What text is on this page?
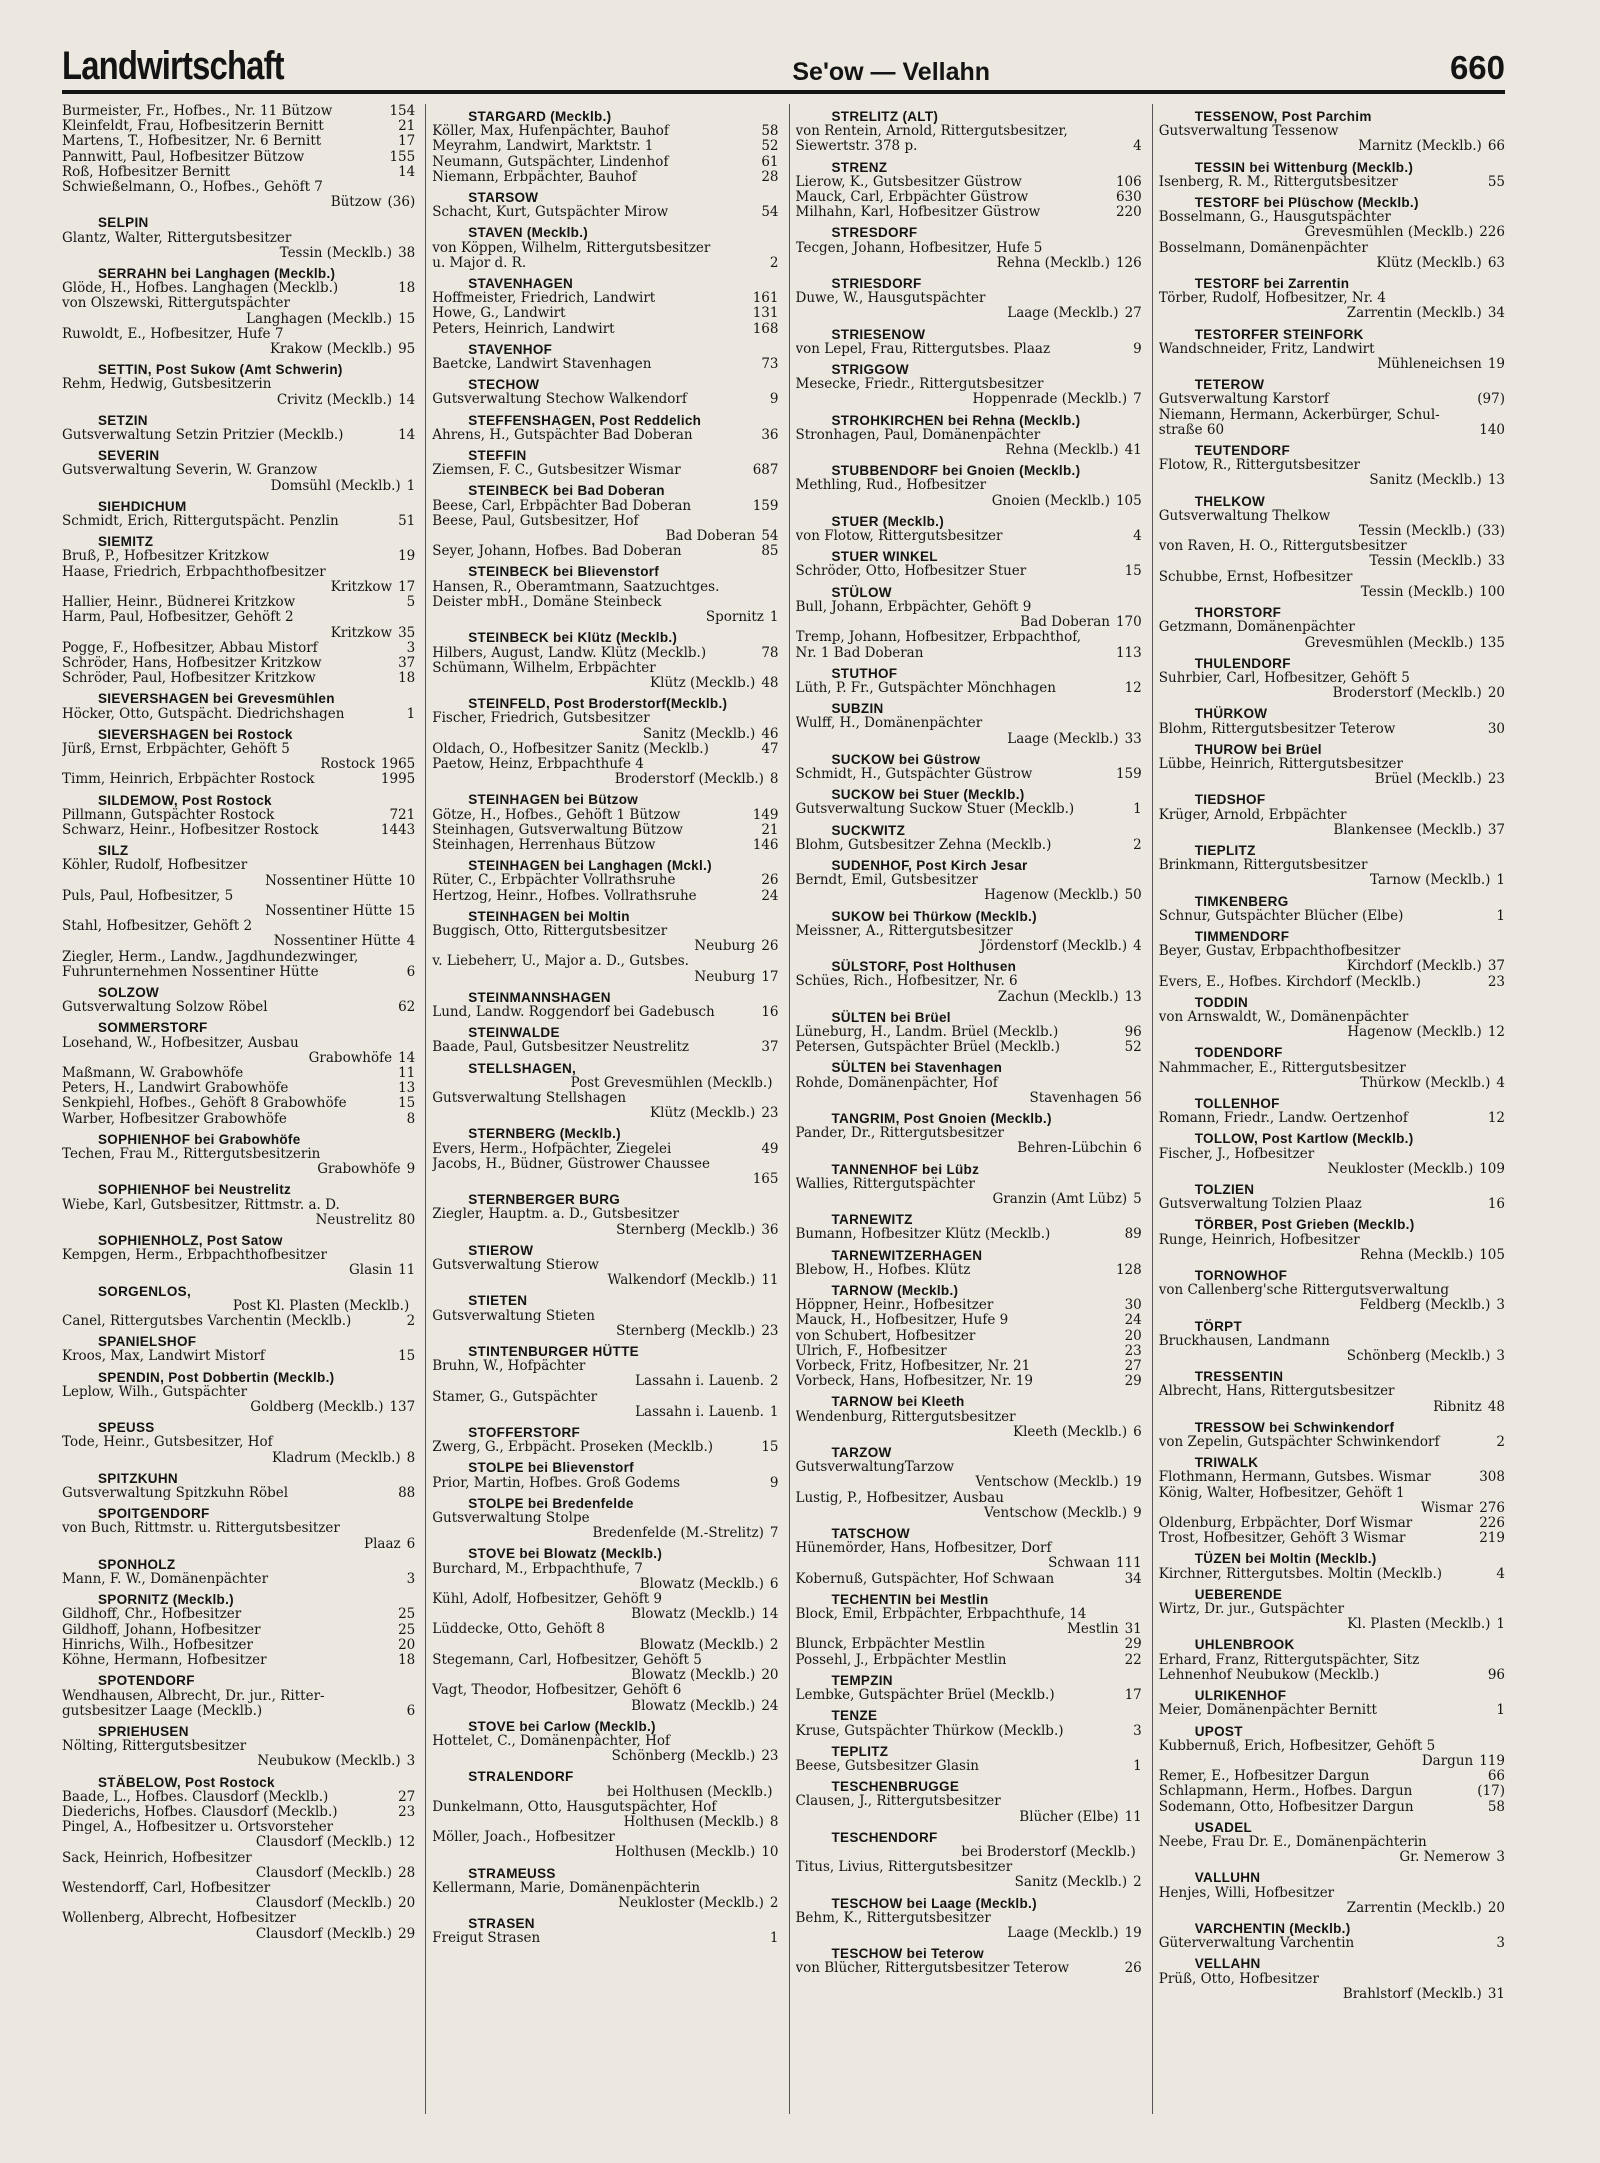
Landwirtschaft	Se'ow — Vellahn	660
Burmeister, Fr., Hofbes., Nr. 11 Bützow	154
Kleinfeldt, Frau, Hofbesitzerin Bernitt	21
Martens, T., Hofbesitzer, Nr. 6 Bernitt	17
Pannwitt, Paul, Hofbesitzer Bützow	155
Roß, Hofbesitzer Bernitt	14
Schwießelmann, O., Hofbes., Gehöft 7
Bützow (36)
SELPIN
Glantz, Walter, Rittergutsbesitzer
Tessin (Mecklb.) 38
SERRAHN bei Langhagen (Mecklb.)
Glöde, H., Hofbes. Langhagen (Mecklb.)	18
von Olszewski, Rittergutspächter
Langhagen (Mecklb.) 15
Ruwoldt, E., Hofbesitzer, Hufe 7
Krakow (Mecklb.) 95
SETTIN, Post Sukow (Amt Schwerin)
Rehm, Hedwig, Gutsbesitzerin
Crivitz (Mecklb.) 14
SETZIN
Gutsverwaltung Setzin Pritzier (Mecklb.)	14
SEVERIN
Gutsverwaltung Severin, W. Granzow
Domsühl (Mecklb.) 1
SIEHDICHUM
Schmidt, Erich, Rittergutspächt. Penzlin	51
SIEMITZ
Bruß, P., Hofbesitzer Kritzkow	19
Haase, Friedrich, Erbpachthofbesitzer
Kritzkow 17
Hallier, Heinr., Büdnerei Kritzkow	5
Harm, Paul, Hofbesitzer, Gehöft 2
Kritzkow 35
Pogge, F., Hofbesitzer, Abbau Mistorf	3
Schröder, Hans, Hofbesitzer Kritzkow	37
Schröder, Paul, Hofbesitzer Kritzkow	18
SIEVERSHAGEN bei Grevesmühlen
Höcker, Otto, Gutspächt. Diedrichshagen	1
SIEVERSHAGEN bei Rostock
Jürß, Ernst, Erbpächter, Gehöft 5
Rostock 1965
Timm, Heinrich, Erbpächter Rostock	1995
SILDEMOW, Post Rostock
Pillmann, Gutspächter Rostock	721
Schwarz, Heinr., Hofbesitzer Rostock	1443
SILZ
Köhler, Rudolf, Hofbesitzer
Nossentiner Hütte 10
Puls, Paul, Hofbesitzer, 5
Nossentiner Hütte 15
Stahl, Hofbesitzer, Gehöft 2
Nossentiner Hütte 4
Ziegler, Herm., Landw., Jagdhundezwinger,
Fuhrunternehmen Nossentiner Hütte	6
SOLZOW
Gutsverwaltung Solzow Röbel	62
SOMMERSTORF
Losehand, W., Hofbesitzer, Ausbau
Grabowhöfe 14
Maßmann, W. Grabowhöfe	11
Peters, H., Landwirt Grabowhöfe	13
Senkpiehl, Hofbes., Gehöft 8 Grabowhöfe	15
Warber, Hofbesitzer Grabowhöfe	8
SOPHIENHOF bei Grabowhöfe
Techen, Frau M., Rittergutsbesitzerin
Grabowhöfe 9
SOPHIENHOF bei Neustrelitz
Wiebe, Karl, Gutsbesitzer, Rittmstr. a. D.
Neustrelitz 80
SOPHIENHOLZ, Post Satow
Kempgen, Herm., Erbpachthofbesitzer
Glasin 11
SORGENLOS,
Post Kl. Plasten (Mecklb.)
Canel, Rittergutsbes Varchentin (Mecklb.)	2
SPANIELSHOF
Kroos, Max, Landwirt Mistorf	15
SPENDIN, Post Dobbertin (Mecklb.)
Leplow, Wilh., Gutspächter
Goldberg (Mecklb.) 137
SPEUSS
Tode, Heinr., Gutsbesitzer, Hof
Kladrum (Mecklb.) 8
SPITZKUHN
Gutsverwaltung Spitzkuhn Röbel	88
SPOITGENDORF
von Buch, Rittmstr. u. Rittergutsbesitzer
Plaaz 6
SPONHOLZ
Mann, F. W., Domänenpächter	3
SPORNITZ (Mecklb.)
Gildhoff, Chr., Hofbesitzer	25
Gildhoff, Johann, Hofbesitzer	25
Hinrichs, Wilh., Hofbesitzer	20
Köhne, Hermann, Hofbesitzer	18
SPOTENDORF
Wendhausen, Albrecht, Dr. jur., Ritter-
gutsbesitzer Laage (Mecklb.)	6
SPRIEHUSEN
Nölting, Rittergutsbesitzer
Neubukow (Mecklb.) 3
STÄBELOW, Post Rostock
Baade, L., Hofbes. Clausdorf (Mecklb.)	27
Diederichs, Hofbes. Clausdorf (Mecklb.)	23
Pingel, A., Hofbesitzer u. Ortsvorsteher
Clausdorf (Mecklb.) 12
Sack, Heinrich, Hofbesitzer
Clausdorf (Mecklb.) 28
Westendorff, Carl, Hofbesitzer
Clausdorf (Mecklb.) 20
Wollenberg, Albrecht, Hofbesitzer
Clausdorf (Mecklb.) 29
STARGARD (Mecklb.)
Köller, Max, Hufenpächter, Bauhof	58
Meyrahm, Landwirt, Marktstr. 1	52
Neumann, Gutspächter, Lindenhof	61
Niemann, Erbpächter, Bauhof	28
STARSOW
Schacht, Kurt, Gutspächter Mirow	54
STAVEN (Mecklb.)
von Köppen, Wilhelm, Rittergutsbesitzer
u. Major d. R.	2
STAVENHAGEN
Hoffmeister, Friedrich, Landwirt	161
Howe, G., Landwirt	131
Peters, Heinrich, Landwirt	168
STAVENHOF
Baetcke, Landwirt Stavenhagen	73
STECHOW
Gutsverwaltung Stechow Walkendorf	9
STEFFENSHAGEN, Post Reddelich
Ahrens, H., Gutspächter Bad Doberan	36
STEFFIN
Ziemsen, F. C., Gutsbesitzer Wismar	687
STEINBECK bei Bad Doberan
Beese, Carl, Erbpächter Bad Doberan	159
Beese, Paul, Gutsbesitzer, Hof
Bad Doberan 54
Seyer, Johann, Hofbes. Bad Doberan	85
STEINBECK bei Blievenstorf
Hansen, R., Oberamtmann, Saatzuchtges.
Deister mbH., Domäne Steinbeck
Spornitz 1
STEINBECK bei Klütz (Mecklb.)
Hilbers, August, Landw. Klütz (Mecklb.)	78
Schümann, Wilhelm, Erbpächter
Klütz (Mecklb.) 48
STEINFELD, Post Broderstorf(Mecklb.)
Fischer, Friedrich, Gutsbesitzer
Sanitz (Mecklb.) 46
Oldach, O., Hofbesitzer Sanitz (Mecklb.)	47
Paetow, Heinz, Erbpachthufe 4
Broderstorf (Mecklb.) 8
STEINHAGEN bei Bützow
Götze, H., Hofbes., Gehöft 1 Bützow	149
Steinhagen, Gutsverwaltung Bützow	21
Steinhagen, Herrenhaus Bützow	146
STEINHAGEN bei Langhagen (Mckl.)
Rüter, C., Erbpächter Vollrathsruhe	26
Hertzog, Heinr., Hofbes. Vollrathsruhe	24
STEINHAGEN bei Moltin
Buggisch, Otto, Rittergutsbesitzer
Neuburg 26
v. Liebeherr, U., Major a. D., Gutsbes.
Neuburg 17
STEINMANNSHAGEN
Lund, Landw. Roggendorf bei Gadebusch	16
STEINWALDE
Baade, Paul, Gutsbesitzer Neustrelitz	37
STELLSHAGEN,
Post Grevesmühlen (Mecklb.)
Gutsverwaltung Stellshagen
Klütz (Mecklb.) 23
STERNBERG (Mecklb.)
Evers, Herm., Hofpächter, Ziegelei	49
Jacobs, H., Büdner, Güstrower Chaussee
165
STERNBERGER BURG
Ziegler, Hauptm. a. D., Gutsbesitzer
Sternberg (Mecklb.) 36
STIEROW
Gutsverwaltung Stierow
Walkendorf (Mecklb.) 11
STIETEN
Gutsverwaltung Stieten
Sternberg (Mecklb.) 23
STINTENBURGER HÜTTE
Bruhn, W., Hofpächter
Lassahn i. Lauenb. 2
Stamer, G., Gutspächter
Lassahn i. Lauenb. 1
STOFFERSTORF
Zwerg, G., Erbpächt. Proseken (Mecklb.)	15
STOLPE bei Blievenstorf
Prior, Martin, Hofbes. Groß Godems	9
STOLPE bei Bredenfelde
Gutsverwaltung Stolpe
Bredenfelde (M.-Strelitz) 7
STOVE bei Blowatz (Mecklb.)
Burchard, M., Erbpachthufe, 7
Blowatz (Mecklb.) 6
Kühl, Adolf, Hofbesitzer, Gehöft 9
Blowatz (Mecklb.) 14
Lüddecke, Otto, Gehöft 8
Blowatz (Mecklb.) 2
Stegemann, Carl, Hofbesitzer, Gehöft 5
Blowatz (Mecklb.) 20
Vagt, Theodor, Hofbesitzer, Gehöft 6
Blowatz (Mecklb.) 24
STOVE bei Carlow (Mecklb.)
Hottelet, C., Domänenpächter, Hof
Schönberg (Mecklb.) 23
STRALENDORF
bei Holthusen (Mecklb.)
Dunkelmann, Otto, Hausgutspächter, Hof
Holthusen (Mecklb.) 8
Möller, Joach., Hofbesitzer
Holthusen (Mecklb.) 10
STRAMEUSS
Kellermann, Marie, Domänenpächterin
Neukloster (Mecklb.) 2
STRASEN
Freigut Strasen	1
STRELITZ (ALT)
von Rentein, Arnold, Rittergutsbesitzer,
Siewertstr. 378 p.	4
STRENZ
Lierow, K., Gutsbesitzer Güstrow	106
Mauck, Carl, Erbpächter Güstrow	630
Milhahn, Karl, Hofbesitzer Güstrow	220
STRESDORF
Tecgen, Johann, Hofbesitzer, Hufe 5
Rehna (Mecklb.) 126
STRIESDORF
Duwe, W., Hausgutspächter
Laage (Mecklb.) 27
STRIESENOW
von Lepel, Frau, Rittergutsbes. Plaaz	9
STRIGGOW
Mesecke, Friedr., Rittergutsbesitzer
Hoppenrade (Mecklb.) 7
STROHKIRCHEN bei Rehna (Mecklb.)
Stronhagen, Paul, Domänenpächter
Rehna (Mecklb.) 41
STUBBENDORF bei Gnoien (Mecklb.)
Methling, Rud., Hofbesitzer
Gnoien (Mecklb.) 105
STUER (Mecklb.)
von Flotow, Rittergutsbesitzer	4
STUER WINKEL
Schröder, Otto, Hofbesitzer Stuer	15
STÜLOW
Bull, Johann, Erbpächter, Gehöft 9
Bad Doberan 170
Tremp, Johann, Hofbesitzer, Erbpachthof,
Nr. 1 Bad Doberan	113
STUTHOF
Lüth, P. Fr., Gutspächter Mönchhagen	12
SUBZIN
Wulff, H., Domänenpächter
Laage (Mecklb.) 33
SUCKOW bei Güstrow
Schmidt, H., Gutspächter Güstrow	159
SUCKOW bei Stuer (Mecklb.)
Gutsverwaltung Suckow Stuer (Mecklb.)	1
SUCKWITZ
Blohm, Gutsbesitzer Zehna (Mecklb.)	2
SUDENHOF, Post Kirch Jesar
Berndt, Emil, Gutsbesitzer
Hagenow (Mecklb.) 50
SUKOW bei Thürkow (Mecklb.)
Meissner, A., Rittergutsbesitzer
Jördenstorf (Mecklb.) 4
SÜLSTORF, Post Holthusen
Schües, Rich., Hofbesitzer, Nr. 6
Zachun (Mecklb.) 13
SÜLTEN bei Brüel
Lüneburg, H., Landm. Brüel (Mecklb.)	96
Petersen, Gutspächter Brüel (Mecklb.)	52
SÜLTEN bei Stavenhagen
Rohde, Domänenpächter, Hof
Stavenhagen 56
TANGRIM, Post Gnoien (Mecklb.)
Pander, Dr., Rittergutsbesitzer
Behren-Lübchin 6
TANNENHOF bei Lübz
Wallies, Rittergutspächter
Granzin (Amt Lübz) 5
TARNEWITZ
Bumann, Hofbesitzer Klütz (Mecklb.)	89
TARNEWITZERHAGEN
Blebow, H., Hofbes. Klütz	128
TARNOW (Mecklb.)
Höppner, Heinr., Hofbesitzer	30
Mauck, H., Hofbesitzer, Hufe 9	24
von Schubert, Hofbesitzer	20
Ulrich, F., Hofbesitzer	23
Vorbeck, Fritz, Hofbesitzer, Nr. 21	27
Vorbeck, Hans, Hofbesitzer, Nr. 19	29
TARNOW bei Kleeth
Wendenburg, Rittergutsbesitzer
Kleeth (Mecklb.) 6
TARZOW
GutsverwaltungTarzow
Ventschow (Mecklb.) 19
Lustig, P., Hofbesitzer, Ausbau
Ventschow (Mecklb.) 9
TATSCHOW
Hünemörder, Hans, Hofbesitzer, Dorf
Schwaan 111
Kobernuß, Gutspächter, Hof Schwaan	34
TECHENTIN bei Mestlin
Block, Emil, Erbpächter, Erbpachthufe, 14
Mestlin 31
Blunck, Erbpächter Mestlin	29
Possehl, J., Erbpächter Mestlin	22
TEMPZIN
Lembke, Gutspächter Brüel (Mecklb.)	17
TENZE
Kruse, Gutspächter Thürkow (Mecklb.)	3
TEPLITZ
Beese, Gutsbesitzer Glasin	1
TESCHENBRUGGE
Clausen, J., Rittergutsbesitzer
Blücher (Elbe) 11
TESCHENDORF
bei Broderstorf (Mecklb.)
Titus, Livius, Rittergutsbesitzer
Sanitz (Mecklb.) 2
TESCHOW bei Laage (Mecklb.)
Behm, K., Rittergutsbesitzer
Laage (Mecklb.) 19
TESCHOW bei Teterow
von Blücher, Rittergutsbesitzer Teterow	26
TESSENOW, Post Parchim
Gutsverwaltung Tessenow
Marnitz (Mecklb.) 66
TESSIN bei Wittenburg (Mecklb.)
Isenberg, R. M., Rittergutsbesitzer	55
TESTORF bei Plüschow (Mecklb.)
Bosselmann, G., Hausgutspächter
Grevesmühlen (Mecklb.) 226
Bosselmann, Domänenpächter
Klütz (Mecklb.) 63
TESTORF bei Zarrentin
Törber, Rudolf, Hofbesitzer, Nr. 4
Zarrentin (Mecklb.) 34
TESTORFER STEINFORK
Wandschneider, Fritz, Landwirt
Mühleneichsen 19
TETEROW
Gutsverwaltung Karstorf	(97)
Niemann, Hermann, Ackerbürger, Schul-
straße 60	140
TEUTENDORF
Flotow, R., Rittergutsbesitzer
Sanitz (Mecklb.) 13
THELKOW
Gutsverwaltung Thelkow
Tessin (Mecklb.) (33)
von Raven, H. O., Rittergutsbesitzer
Tessin (Mecklb.) 33
Schubbe, Ernst, Hofbesitzer
Tessin (Mecklb.) 100
THORSTORF
Getzmann, Domänenpächter
Grevesmühlen (Mecklb.) 135
THULENDORF
Suhrbier, Carl, Hofbesitzer, Gehöft 5
Broderstorf (Mecklb.) 20
THÜRKOW
Blohm, Rittergutsbesitzer Teterow	30
THUROW bei Brüel
Lübbe, Heinrich, Rittergutsbesitzer
Brüel (Mecklb.) 23
TIEDSHOF
Krüger, Arnold, Erbpächter
Blankensee (Mecklb.) 37
TIEPLITZ
Brinkmann, Rittergutsbesitzer
Tarnow (Mecklb.) 1
TIMKENBERG
Schnur, Gutspächter Blücher (Elbe)	1
TIMMENDORF
Beyer, Gustav, Erbpachthofbesitzer
Kirchdorf (Mecklb.) 37
Evers, E., Hofbes. Kirchdorf (Mecklb.)	23
TODDIN
von Arnswaldt, W., Domänenpächter
Hagenow (Mecklb.) 12
TODENDORF
Nahmmacher, E., Rittergutsbesitzer
Thürkow (Mecklb.) 4
TOLLENHOF
Romann, Friedr., Landw. Oertzenhof	12
TOLLOW, Post Kartlow (Mecklb.)
Fischer, J., Hofbesitzer
Neukloster (Mecklb.) 109
TOLZIEN
Gutsverwaltung Tolzien Plaaz	16
TÖRBER, Post Grieben (Mecklb.)
Runge, Heinrich, Hofbesitzer
Rehna (Mecklb.) 105
TORNOWHOF
von Callenberg'sche Rittergutsverwaltung
Feldberg (Mecklb.) 3
TÖRPT
Bruckhausen, Landmann
Schönberg (Mecklb.) 3
TRESSENTIN
Albrecht, Hans, Rittergutsbesitzer
Ribnitz 48
TRESSOW bei Schwinkendorf
von Zepelin, Gutspächter Schwinkendorf	2
TRIWALK
Flothmann, Hermann, Gutsbes. Wismar	308
König, Walter, Hofbesitzer, Gehöft 1
Wismar 276
Oldenburg, Erbpächter, Dorf Wismar	226
Trost, Hofbesitzer, Gehöft 3 Wismar	219
TÜZEN bei Moltin (Mecklb.)
Kirchner, Rittergutsbes. Moltin (Mecklb.)	4
UEBERENDE
Wirtz, Dr. jur., Gutspächter
Kl. Plasten (Mecklb.) 1
UHLENBROOK
Erhard, Franz, Rittergutspächter, Sitz
Lehnenhof Neubukow (Mecklb.)	96
ULRIKENHOF
Meier, Domänenpächter Bernitt	1
UPOST
Kubbernuß, Erich, Hofbesitzer, Gehöft 5
Dargun 119
Remer, E., Hofbesitzer Dargun	66
Schlapmann, Herm., Hofbes. Dargun	(17)
Sodemann, Otto, Hofbesitzer Dargun	58
USADEL
Neebe, Frau Dr. E., Domänenpächterin
Gr. Nemerow 3
VALLUHN
Henjes, Willi, Hofbesitzer
Zarrentin (Mecklb.) 20
VARCHENTIN (Mecklb.)
Güterverwaltung Varchentin	3
VELLAHN
Prüß, Otto, Hofbesitzer
Brahlstorf (Mecklb.) 31
